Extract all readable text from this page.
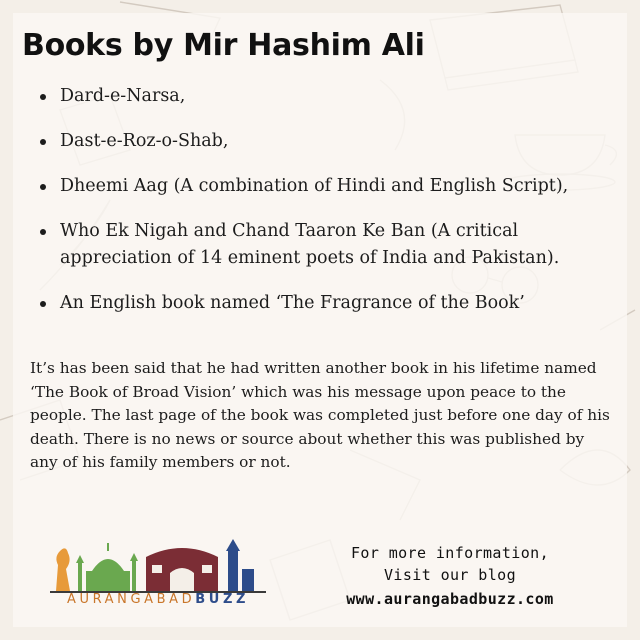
Books by Mir Hashim Ali
Dard-e-Narsa,
Dast-e-Roz-o-Shab,
Dheemi Aag (A combination of Hindi and English Script),
Who Ek Nigah and Chand Taaron Ke Ban (A critical appreciation of 14 eminent poets of India and Pakistan).
An English book named ‘The Fragrance of the Book’

It’s has been said that he had written another book in his lifetime named ‘The Book of Broad Vision’ which was his message upon peace to the people. The last page of the book was completed just before one day of his death. There is no news or source about whether this was published by any of his family members or not.

AURANGABADBUZZ
For more information,
Visit our blog
www.aurangabadbuzz.com
